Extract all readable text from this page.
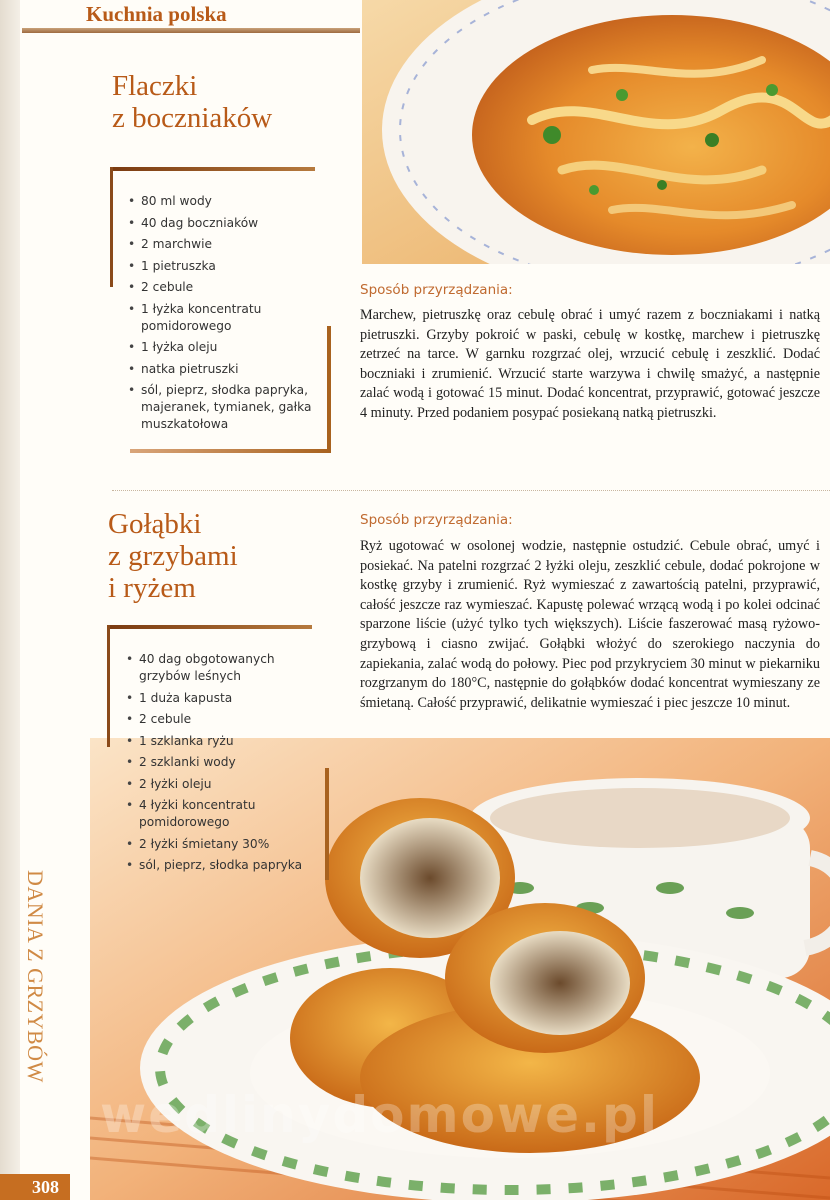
Kuchnia polska
Flaczki
z boczniaków
• 80 ml wody
• 40 dag boczniaków
• 2 marchwie
• 1 pietruszka
• 2 cebule
• 1 łyżka koncentratu pomidorowego
• 1 łyżka oleju
• natka pietruszki
• sól, pieprz, słodka papryka, majeranek, tymianek, gałka muszkatołowa
Sposób przyrządzania:
Marchew, pietruszkę oraz cebulę obrać i umyć razem z boczniakami i natką pietruszki. Grzyby pokroić w paski, cebulę w kostkę, marchew i pietruszkę zetrzeć na tarce. W garnku rozgrzać olej, wrzucić cebulę i zeszklić. Dodać boczniaki i zrumienić. Wrzucić starte warzywa i chwilę smażyć, a następnie zalać wodą i gotować 15 minut. Dodać koncentrat, przyprawić, gotować jeszcze 4 minuty. Przed podaniem posypać posiekaną natką pietruszki.
Gołąbki
z grzybami
i ryżem
Sposób przyrządzania:
Ryż ugotować w osolonej wodzie, następnie ostudzić. Cebule obrać, umyć i posiekać. Na patelni rozgrzać 2 łyżki oleju, zeszklić cebule, dodać pokrojone w kostkę grzyby i zrumienić. Ryż wymieszać z zawartością patelni, przyprawić, całość jeszcze raz wymieszać. Kapustę polewać wrzącą wodą i po kolei odcinać sparzone liście (użyć tylko tych większych). Liście faszerować masą ryżowo-grzybową i ciasno zwijać. Gołąbki włożyć do szerokiego naczynia do zapiekania, zalać wodą do połowy. Piec pod przykryciem 30 minut w piekarniku rozgrzanym do 180°C, następnie do gołąbków dodać koncentrat wymieszany ze śmietaną. Całość przyprawić, delikatnie wymieszać i piec jeszcze 10 minut.
• 40 dag obgotowanych grzybów leśnych
• 1 duża kapusta
• 2 cebule
• 1 szklanka ryżu
• 2 szklanki wody
• 2 łyżki oleju
• 4 łyżki koncentratu pomidorowego
• 2 łyżki śmietany 30%
• sól, pieprz, słodka papryka
wedlinydomowe.pl
DANIA Z GRZYBÓW
308
